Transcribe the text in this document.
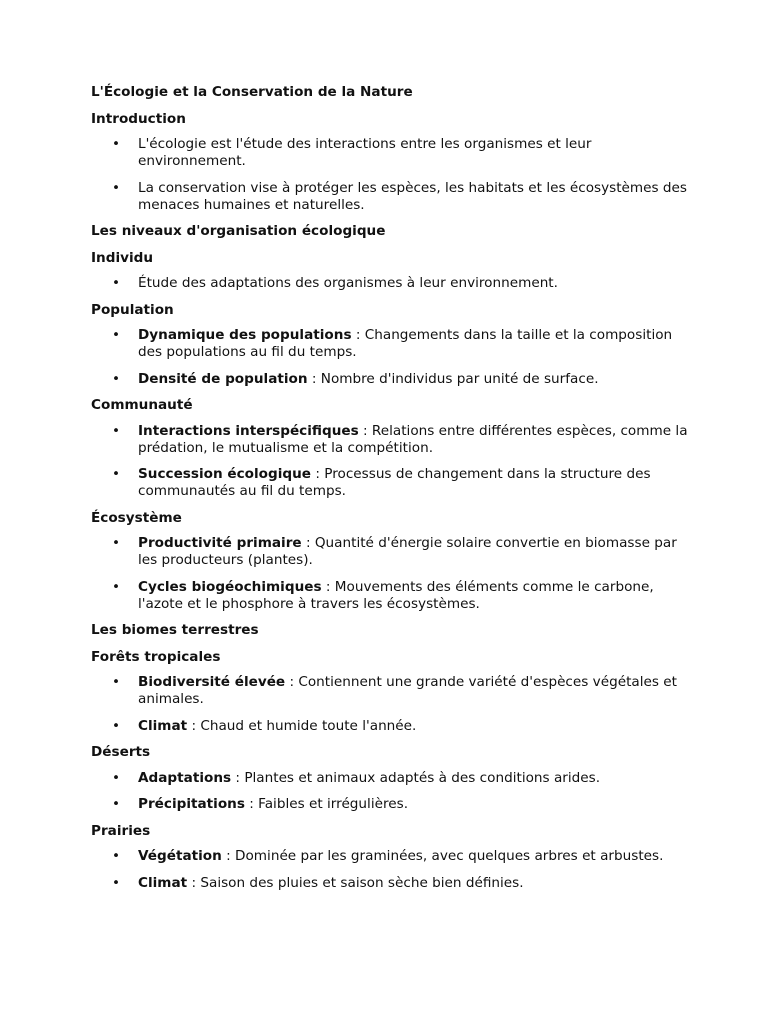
L'Écologie et la Conservation de la Nature
Introduction
• L'écologie est l'étude des interactions entre les organismes et leur environnement.
• La conservation vise à protéger les espèces, les habitats et les écosystèmes des menaces humaines et naturelles.
Les niveaux d'organisation écologique
Individu
• Étude des adaptations des organismes à leur environnement.
Population
• Dynamique des populations : Changements dans la taille et la composition des populations au fil du temps.
• Densité de population : Nombre d'individus par unité de surface.
Communauté
• Interactions interspécifiques : Relations entre différentes espèces, comme la prédation, le mutualisme et la compétition.
• Succession écologique : Processus de changement dans la structure des communautés au fil du temps.
Écosystème
• Productivité primaire : Quantité d'énergie solaire convertie en biomasse par les producteurs (plantes).
• Cycles biogéochimiques : Mouvements des éléments comme le carbone, l'azote et le phosphore à travers les écosystèmes.
Les biomes terrestres
Forêts tropicales
• Biodiversité élevée : Contiennent une grande variété d'espèces végétales et animales.
• Climat : Chaud et humide toute l'année.
Déserts
• Adaptations : Plantes et animaux adaptés à des conditions arides.
• Précipitations : Faibles et irrégulières.
Prairies
• Végétation : Dominée par les graminées, avec quelques arbres et arbustes.
• Climat : Saison des pluies et saison sèche bien définies.
